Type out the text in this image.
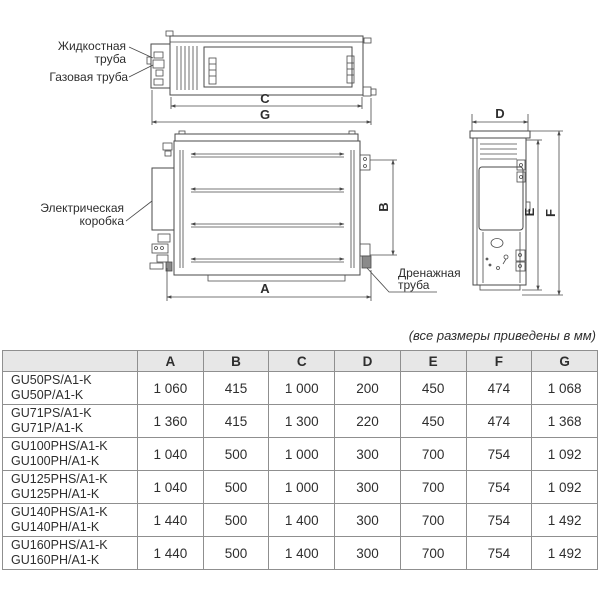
C
G
Жидкостная
труба
Газовая труба
B
A
Электрическая
коробка
Дренажная
труба
D
E F
(все размеры приведены в мм)
	A	B	C	D	E	F	G

GU50PS/A1-K
GU50P/A1-K	1 060	415	1 000	200	450	474	1 068

GU71PS/A1-K
GU71P/A1-K	1 360	415	1 300	220	450	474	1 368

GU100PHS/A1-K
GU100PH/A1-K	1 040	500	1 000	300	700	754	1 092

GU125PHS/A1-K
GU125PH/A1-K	1 040	500	1 000	300	700	754	1 092

GU140PHS/A1-K
GU140PH/A1-K	1 440	500	1 400	300	700	754	1 492

GU160PHS/A1-K
GU160PH/A1-K	1 440	500	1 400	300	700	754	1 492
